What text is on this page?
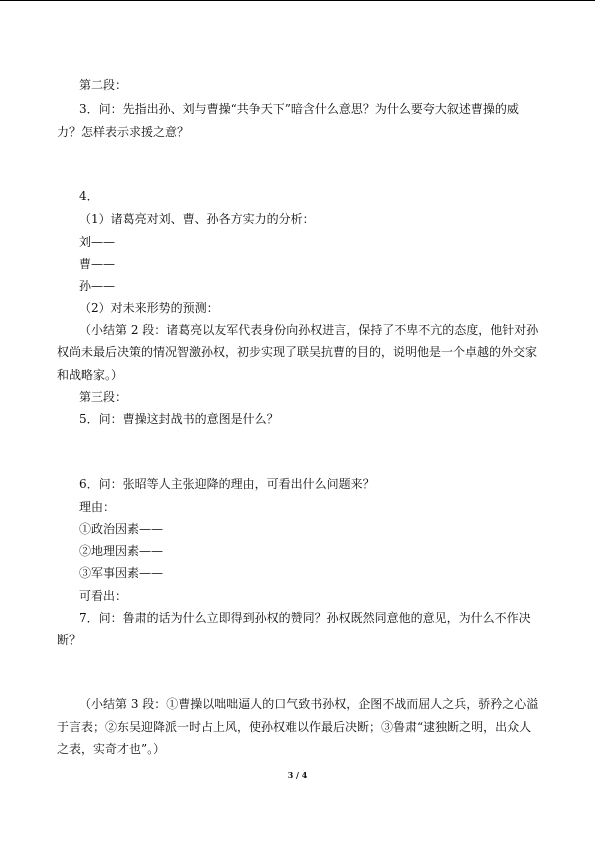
第二段：
3．问：先指出孙、刘与曹操“共争天下”暗含什么意思？为什么要夸大叙述曹操的威
力？怎样表示求援之意？
4．
（1）诸葛亮对刘、曹、孙各方实力的分析：
刘——
曹——
孙——
（2）对未来形势的预测：
（小结第 2 段：诸葛亮以友军代表身份向孙权进言，保持了不卑不亢的态度，他针对孙
权尚未最后决策的情况智激孙权，初步实现了联吴抗曹的目的，说明他是一个卓越的外交家
和战略家。）
第三段：
5．问：曹操这封战书的意图是什么？
6．问：张昭等人主张迎降的理由，可看出什么问题来？
理由：
①政治因素——
②地理因素——
③军事因素——
可看出：
7．问：鲁肃的话为什么立即得到孙权的赞同？孙权既然同意他的意见，为什么不作决
断？
（小结第 3 段：①曹操以咄咄逼人的口气致书孙权，企图不战而屈人之兵，骄矜之心溢
于言表；②东吴迎降派一时占上风，使孙权难以作最后决断；③鲁肃“逮独断之明，出众人
之表，实奇才也”。）
3 / 4
